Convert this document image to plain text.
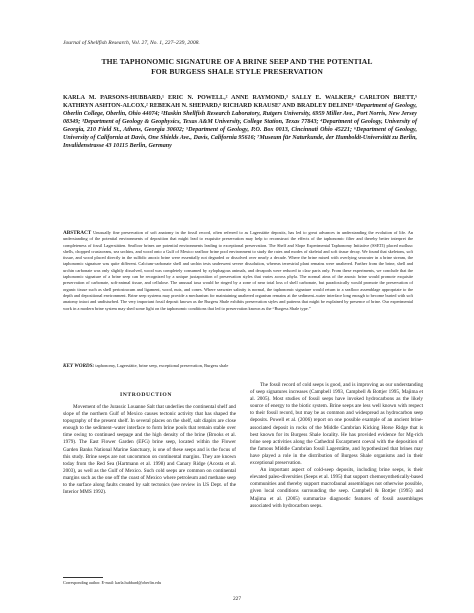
Journal of Shellfish Research, Vol. 27, No. 1, 227–239, 2008.
THE TAPHONOMIC SIGNATURE OF A BRINE SEEP AND THE POTENTIAL
FOR BURGESS SHALE STYLE PRESERVATION
KARLA M. PARSONS-HUBBARD,¹ ERIC N. POWELL,² ANNE RAYMOND,³ SALLY E. WALKER,⁴ CARLTON BRETT,⁵ KATHRYN ASHTON-ALCOX,² REBEKAH N. SHEPARD,⁶ RICHARD KRAUSE⁷ AND BRADLEY DELINE⁸ ¹Department of Geology, Oberlin College, Oberlin, Ohio 44074; ²Haskin Shellfish Research Laboratory, Rutgers University, 6959 Miller Ave., Port Norris, New Jersey 08349; ³Department of Geology & Geophysics, Texas A&M University, College Station, Texas 77843; ⁴Department of Geology, University of Georgia, 210 Field St., Athens, Georgia 30602; ⁵Department of Geology, P.O. Box 0013, Cincinnati Ohio 45221; ⁶Department of Geology, University of California at Davis, One Shields Ave., Davis, California 95616; ⁷Museum für Naturkunde, der Humboldt-Universität zu Berlin, Invalidenstrasse 43 10115 Berlin, Germany
ABSTRACT Unusually fine preservation of soft anatomy in the fossil record, often referred to as Lagerstätte deposits, has led to great advances in understanding the evolution of life. An understanding of the potential environments of deposition that might lead to exquisite preservation may help to reconstruct the effects of the taphonomic filter and thereby better interpret the completeness of fossil Lagerstätten. Seafloor brines are potential environments leading to exceptional preservation. The Shelf and Slope Experimental Taphonomy Initiative (SSETI) placed mollusc shells, chopped crustaceans, sea urchins, and wood onto a Gulf of Mexico seafloor brine pool environment to study the rates and modes of skeletal and soft tissue decay. We found that skeletons, soft tissue, and wood placed directly in the sulfidic anoxic brine were essentially not degraded or dissolved over nearly a decade. Where the brine mixed with overlying seawater in a brine stream, the taphonomic signature was quite different. Calcium-carbonate shell and urchin tests underwent severe dissolution, whereas terrestrial plant remains were unaltered. Farther from the brine, shell and urchin carbonate was only slightly dissolved, wood was completely consumed by xylophagous animals, and decapods were reduced to claw parts only. From these experiments, we conclude that the taphonomic signature of a brine seep can be recognized by a unique juxtaposition of preservation styles that varies across phyla. The normal aims of the anoxic brine would promote exquisite preservation of carbonate, soft-animal tissue, and cellulose. The unusual taxa would be ringed by a zone of near total loss of shell carbonate, but paradoxically would promote the preservation of organic tissue such as shell periostracum and ligament, wood, nuts, and cones. Where seawater salinity is normal, the taphonomic signature would return to a seafloor assemblage appropriate to the depth and depositional environment. Brine seep systems may provide a mechanism for maintaining unaltered organism remains at the sediment–water interface long enough to become buried with soft anatomy intact and undisturbed. The very important fossil deposit known as the Burgess Shale exhibits preservation styles and patterns that might be explained by presence of brine. Our experimental work in a modern brine system may shed some light on the taphonomic conditions that led to preservation known as the “Burgess Shale type.”
KEY WORDS: taphonomy, Lagerstätte, brine seep, exceptional preservation, Burgess shale
INTRODUCTION

Movement of the Jurassic Louanne Salt that underlies the continental shelf and slope of the northern Gulf of Mexico causes tectonic activity that has shaped the topography of the present shelf. In several places on the shelf, salt diapirs are close enough to the sediment–water interface to form brine pools that remain stable over time owing to continued seepage and the high density of the brine (Brooks et al. 1979). The East Flower Garden (EFG) brine seep, located within the Flower Garden Banks National Marine Sanctuary, is one of these seeps and is the focus of this study. Brine seeps are not uncommon on continental margins. They are known today from the Red Sea (Hartmann et al. 1998) and Canary Ridge (Acosta et al. 2003), as well as the Gulf of Mexico. Such cold seeps are common on continental margins such as the one off the coast of Mexico where petroleum and methane seep to the surface along faults created by salt tectonics (see review in US Dept. of the Interior MMS 1992).

The fossil record of cold seeps is good, and is improving as our understanding of seep signatures increases (Campbell 1993, Campbell & Bottjer 1995, Majima et al. 2005). Most studies of fossil seeps have invoked hydrocarbons as the likely source of energy to the biotic system. Brine seeps are less well known with respect to their fossil record, but may be as common and widespread as hydrocarbon seep deposits. Powell et al. (2006) report on one possible example of an ancient brine-associated deposit in rocks of the Middle Cambrian Kicking Horse Ridge that is best known for its Burgess Shale locality. He has provided evidence for Mg-rich brine seep activities along the Cathedral Escarpment coeval with the deposition of the famous Middle Cambrian fossil Lagerstätte, and hypothesized that brines may have played a role in the distribution of Burgess Shale organisms and in their exceptional preservation.

An important aspect of cold-seep deposits, including brine seeps, is their elevated paleo-diversities (Seeps et al. 1995) that support chemosynthetically-based communities and thereby support macrofaunal assemblages not otherwise possible, given local conditions surrounding the seep. Campbell & Bottjer (1995) and Majima et al. (2005) summarize diagnostic features of fossil assemblages associated with hydrocarbon seeps.

Corresponding author. E-mail: karla.hubbard@oberlin.edu
227
